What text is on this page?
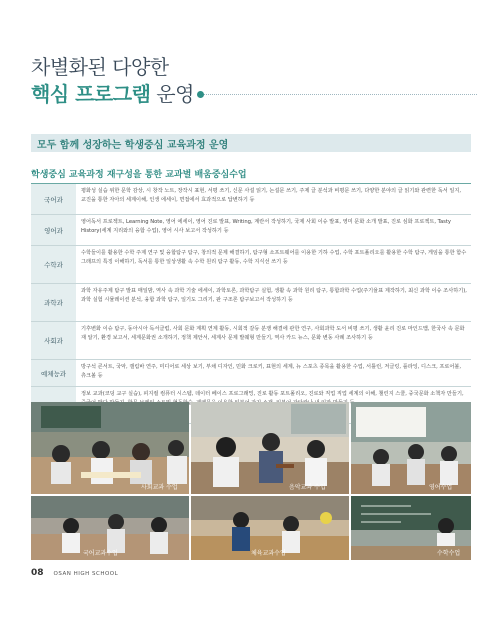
차별화된 다양한
핵심 프로그램 운영
모두 함께 성장하는 학생중심 교육과정 운영
학생중심 교육과정 재구성을 통한 교과별 배움중심수업
국어과
평화성 실습 위한 문학 감상, 시 창작 노트, 장작시 표현, 서평 쓰기, 신문 사설 읽기, 논설문 쓰기, 주제 글 분석과 비평문 쓰기, 다양한 분야의 글 읽기와 관련한 독서 일지, 교진을 통한 자아의 세계이해, 인생 에세이, 면접에서 효과적으로 답변하기 등
영어과
영어독서 프로젝트, Learning Note, 영어 에세이, 영어 진로 발표, Writing, 계란서 작성하기, 국제 사회 이슈 발표, 영미 문화 소개 발표, 진로 심화 프로젝트, Tasty History(세계 지리와의 융합 수업), 영어 시사 보고서 작성하기 등
수학과
수학들이를 활용한 수학 주제 연구 및 융합탐구 탐구, 창의적 문제 해결하기, 탐구형 소프트웨어를 이용한 기하 수업, 수학 포트폴리오를 활용한 수학 탐구, 게임을 통한 함수 그래프의 특징 이해하기, 독서를 통한 일상생활 속 수학 원리 탐구 활동, 수학 지식선 쓰기 등
과학과
과학 자유주제 탐구 발표 매일밤, 역사 속 과학 기술 에세이, 과학토론, 과학탐구 실험, 생활 속 과학 원리 탐구, 통합과학 수업(주기율표 제작하기, 최신 과학 이슈 조사하기), 과학 실험 시뮬레이션 분석, 융합 과학 탐구, 일기도 그리기, 판 구조론 탐구보고서 작성하기 등
사회과
기후변화 이슈 탐구, 동아시아 독서클럽, 사회 문화 계획 연계 활동, 시회적 갈등 분쟁 해결에 관한 연구, 사회과학 도서 비평 쓰기, 생활 윤리 진로 마인드맵, 한국사 속 문화재 알기, 환경 보고서, 세계문화권 소개하기, 정책 제안서, 세계사 문제 발췌형 만들기, 역사 카드 뉴스, 문화 변동 사례 조사하기 등
예체능과
방구석 콘서트, 국악, 캘림바 연주, 미디어로 세상 보기, 부채 디자인, 민화 크로키, 표현의 세계, 뉴 스포츠 종목을 활용한 수업, 서틀런, 저글링, 플라잉, 디스크, 프로어볼, 츄크볼 등
정보 교과(코딩 교구 실습), 피지컬 컴퓨터 시스템, 데이터 베이스 프로그래밍, 진로 활동 포트폴리오, 진로와 직업 직업 세계의 이해, 챌린지 스쿨, 중국문화 소책자 만들기,
사회교과 수업	음악교과 수업	영어수업
국어교과수업	체육교과수업	수학수업
08 OSAN HIGH SCHOOL
